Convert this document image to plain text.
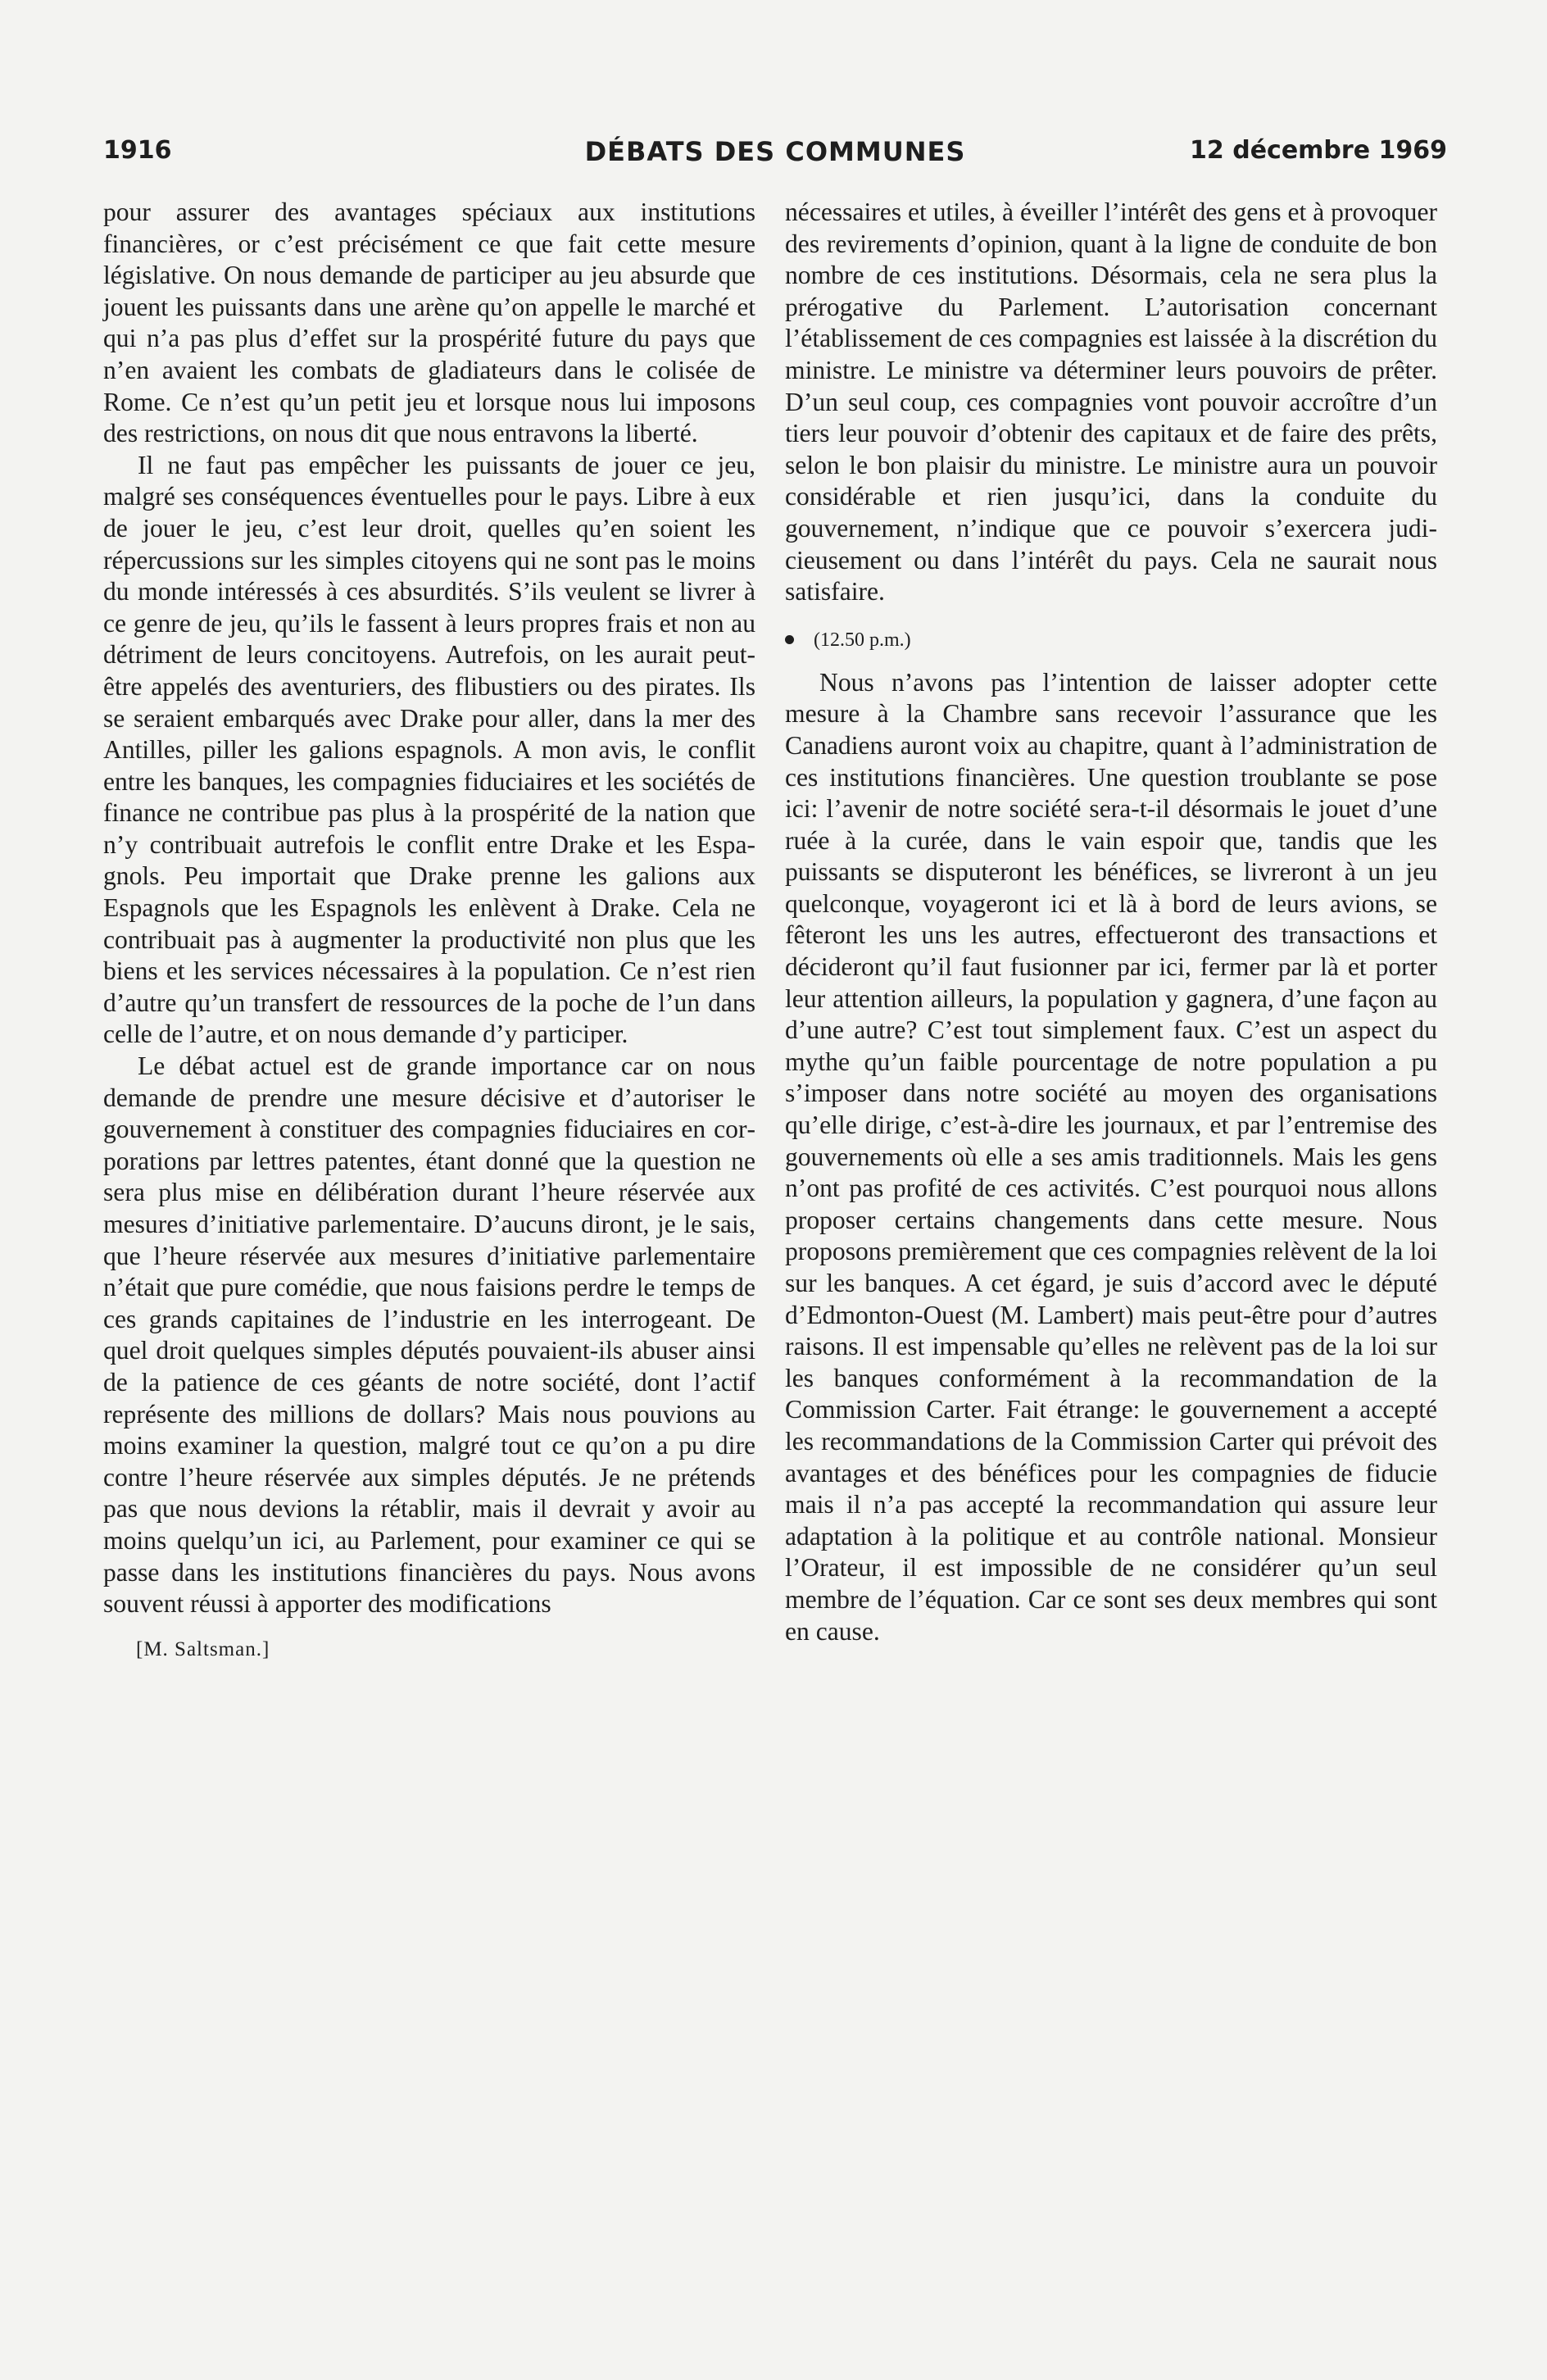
1916	DÉBATS DES COMMUNES	12 décembre 1969

pour assurer des avantages spéciaux aux institutions financières, or c’est précisément ce que fait cette mesure législative. On nous demande de participer au jeu absurde que jouent les puissants dans une arène qu’on appelle le marché et qui n’a pas plus d’effet sur la prospérité future du pays que n’en avaient les combats de gladiateurs dans le colisée de Rome. Ce n’est qu’un petit jeu et lorsque nous lui imposons des restrictions, on nous dit que nous entravons la liberté.

Il ne faut pas empêcher les puissants de jouer ce jeu, malgré ses conséquences éventuelles pour le pays. Libre à eux de jouer le jeu, c’est leur droit, quelles qu’en soient les répercussions sur les simples citoyens qui ne sont pas le moins du monde intéressés à ces absurdités. S’ils veulent se livrer à ce genre de jeu, qu’ils le fassent à leurs propres frais et non au détriment de leurs concitoyens. Autrefois, on les aurait peut-être appelés des aventuriers, des flibustiers ou des pirates. Ils se seraient embarqués avec Drake pour aller, dans la mer des Antilles, piller les galions espagnols. A mon avis, le conflit entre les banques, les compagnies fiduciaires et les sociétés de finance ne contribue pas plus à la prospérité de la nation que n’y contribuait autrefois le conflit entre Drake et les Espagnols. Peu importait que Drake prenne les galions aux Espagnols que les Espagnols les enlèvent à Drake. Cela ne contribuait pas à augmenter la productivité non plus que les biens et les services nécessaires à la population. Ce n’est rien d’autre qu’un transfert de ressources de la poche de l’un dans celle de l’autre, et on nous demande d’y participer.

Le débat actuel est de grande importance car on nous demande de prendre une mesure décisive et d’autoriser le gouvernement à constituer des compagnies fiduciaires en corporations par lettres patentes, étant donné que la question ne sera plus mise en délibération durant l’heure réservée aux mesures d’initiative parlementaire. D’aucuns diront, je le sais, que l’heure réservée aux mesures d’initiative parlementaire n’était que pure comédie, que nous faisions perdre le temps de ces grands capitaines de l’industrie en les interrogeant. De quel droit quelques simples députés pouvaient-ils abuser ainsi de la patience de ces géants de notre société, dont l’actif représente des millions de dollars? Mais nous pouvions au moins examiner la question, malgré tout ce qu’on a pu dire contre l’heure réservée aux simples députés. Je ne prétends pas que nous devions la rétablir, mais il devrait y avoir au moins quelqu’un ici, au Parlement, pour examiner ce qui se passe dans les institutions financières du pays. Nous avons souvent réussi à apporter des modifications

nécessaires et utiles, à éveiller l’intérêt des gens et à provoquer des revirements d’opinion, quant à la ligne de conduite de bon nombre de ces institutions. Désormais, cela ne sera plus la prérogative du Parlement. L’autorisation concernant l’établissement de ces compagnies est laissée à la discrétion du ministre. Le ministre va déterminer leurs pouvoirs de prêter. D’un seul coup, ces compagnies vont pouvoir accroître d’un tiers leur pouvoir d’obtenir des capitaux et de faire des prêts, selon le bon plaisir du ministre. Le ministre aura un pouvoir considérable et rien jusqu’ici, dans la conduite du gouvernement, n’indique que ce pouvoir s’exercera judicieusement ou dans l’intérêt du pays. Cela ne saurait nous satisfaire.

(12.50 p.m.)

Nous n’avons pas l’intention de laisser adopter cette mesure à la Chambre sans recevoir l’assurance que les Canadiens auront voix au chapitre, quant à l’administration de ces institutions financières. Une question troublante se pose ici: l’avenir de notre société sera-t-il désormais le jouet d’une ruée à la curée, dans le vain espoir que, tandis que les puissants se disputeront les bénéfices, se livreront à un jeu quelconque, voyageront ici et là à bord de leurs avions, se fêteront les uns les autres, effectueront des transactions et décideront qu’il faut fusionner par ici, fermer par là et porter leur attention ailleurs, la population y gagnera, d’une façon au d’une autre? C’est tout simplement faux. C’est un aspect du mythe qu’un faible pourcentage de notre population a pu s’imposer dans notre société au moyen des organisations qu’elle dirige, c’est-à-dire les journaux, et par l’entremise des gouvernements où elle a ses amis traditionnels. Mais les gens n’ont pas profité de ces activités. C’est pourquoi nous allons proposer certains changements dans cette mesure. Nous proposons premièrement que ces compagnies relèvent de la loi sur les banques. A cet égard, je suis d’accord avec le député d’Edmonton-Ouest (M. Lambert) mais peut-être pour d’autres raisons. Il est impensable qu’elles ne relèvent pas de la loi sur les banques conformément à la recommandation de la Commission Carter. Fait étrange: le gouvernement a accepté les recommandations de la Commission Carter qui prévoit des avantages et des bénéfices pour les compagnies de fiducie mais il n’a pas accepté la recommandation qui assure leur adaptation à la politique et au contrôle national. Monsieur l’Orateur, il est impossible de ne considérer qu’un seul membre de l’équation. Car ce sont ses deux membres qui sont en cause.

[M. Saltsman.]
